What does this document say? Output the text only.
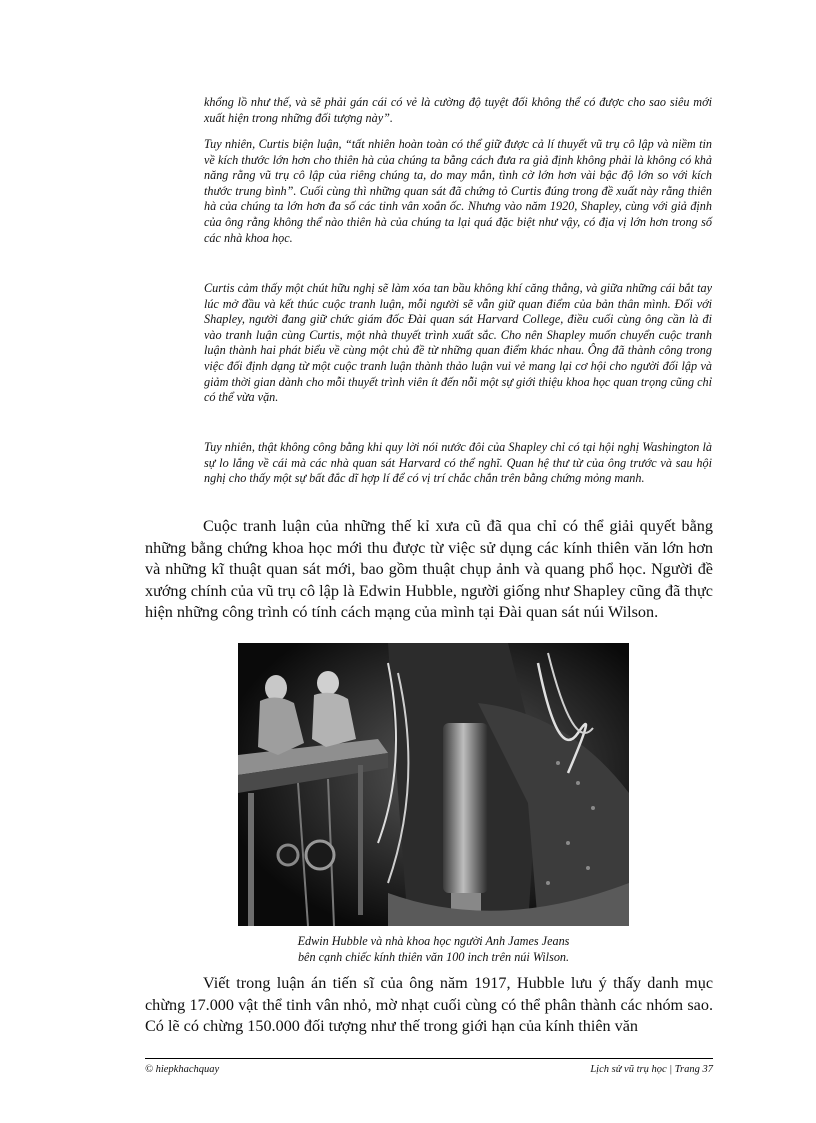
khổng lồ như thế, và sẽ phải gán cái có vẻ là cường độ tuyệt đối không thể có được cho sao siêu mới xuất hiện trong những đối tượng này”.

Tuy nhiên, Curtis biện luận, “tất nhiên hoàn toàn có thể giữ được cả lí thuyết vũ trụ cô lập và niềm tin về kích thước lớn hơn cho thiên hà của chúng ta bằng cách đưa ra giả định không phải là không có khả năng rằng vũ trụ cô lập của riêng chúng ta, do may mắn, tình cờ lớn hơn vài bậc độ lớn so với kích thước trung bình”. Cuối cùng thì những quan sát đã chứng tỏ Curtis đúng trong đề xuất này rằng thiên hà của chúng ta lớn hơn đa số các tinh vân xoắn ốc. Nhưng vào năm 1920, Shapley, cùng với giả định của ông rằng không thể nào thiên hà của chúng ta lại quá đặc biệt như vậy, có địa vị lớn hơn trong số các nhà khoa học.

Curtis cảm thấy một chút hữu nghị sẽ làm xóa tan bầu không khí căng thẳng, và giữa những cái bắt tay lúc mở đầu và kết thúc cuộc tranh luận, mỗi người sẽ vẫn giữ quan điểm của bản thân mình. Đối với Shapley, người đang giữ chức giám đốc Đài quan sát Harvard College, điều cuối cùng ông cần là đi vào tranh luận cùng Curtis, một nhà thuyết trình xuất sắc. Cho nên Shapley muốn chuyển cuộc tranh luận thành hai phát biểu về cùng một chủ đề từ những quan điểm khác nhau. Ông đã thành công trong việc đối định dạng từ một cuộc tranh luận thành thảo luận vui vẻ mang lại cơ hội cho người đối lập và giảm thời gian dành cho mỗi thuyết trình viên ít đến nỗi một sự giới thiệu khoa học quan trọng cũng chỉ có thể vừa vặn.

Tuy nhiên, thật không công bằng khi quy lời nói nước đôi của Shapley chỉ có tại hội nghị Washington là sự lo lắng về cái mà các nhà quan sát Harvard có thể nghĩ. Quan hệ thư từ của ông trước và sau hội nghị cho thấy một sự bất đắc dĩ hợp lí để có vị trí chắc chắn trên bằng chứng mỏng manh.

Cuộc tranh luận của những thế kỉ xưa cũ đã qua chỉ có thể giải quyết bằng những bằng chứng khoa học mới thu được từ việc sử dụng các kính thiên văn lớn hơn và những kĩ thuật quan sát mới, bao gồm thuật chụp ảnh và quang phổ học. Người đề xướng chính của vũ trụ cô lập là Edwin Hubble, người giống như Shapley cũng đã thực hiện những công trình có tính cách mạng của mình tại Đài quan sát núi Wilson.

Edwin Hubble và nhà khoa học người Anh James Jeans
bên cạnh chiếc kính thiên văn 100 inch trên núi Wilson.

Viết trong luận án tiến sĩ của ông năm 1917, Hubble lưu ý thấy danh mục chừng 17.000 vật thể tinh vân nhỏ, mờ nhạt cuối cùng có thể phân thành các nhóm sao. Có lẽ có chừng 150.000 đối tượng như thế trong giới hạn của kính thiên văn

© hiepkhachquay	Lịch sử vũ trụ học | Trang 37
